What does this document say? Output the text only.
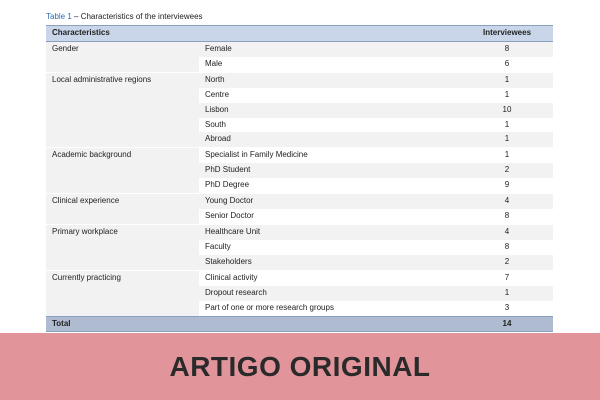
Table 1 – Characteristics of the interviewees
Characteristics		Interviewees
Gender	Female	8
	Male	6
Local administrative regions	North	1
	Centre	1
	Lisbon	10
	South	1
	Abroad	1
Academic background	Specialist in Family Medicine	1
	PhD Student	2
	PhD Degree	9
Clinical experience	Young Doctor	4
	Senior Doctor	8
Primary workplace	Healthcare Unit	4
	Faculty	8
	Stakeholders	2
Currently practicing	Clinical activity	7
	Dropout research	1
	Part of one or more research groups	3
Total		14
ARTIGO ORIGINAL
